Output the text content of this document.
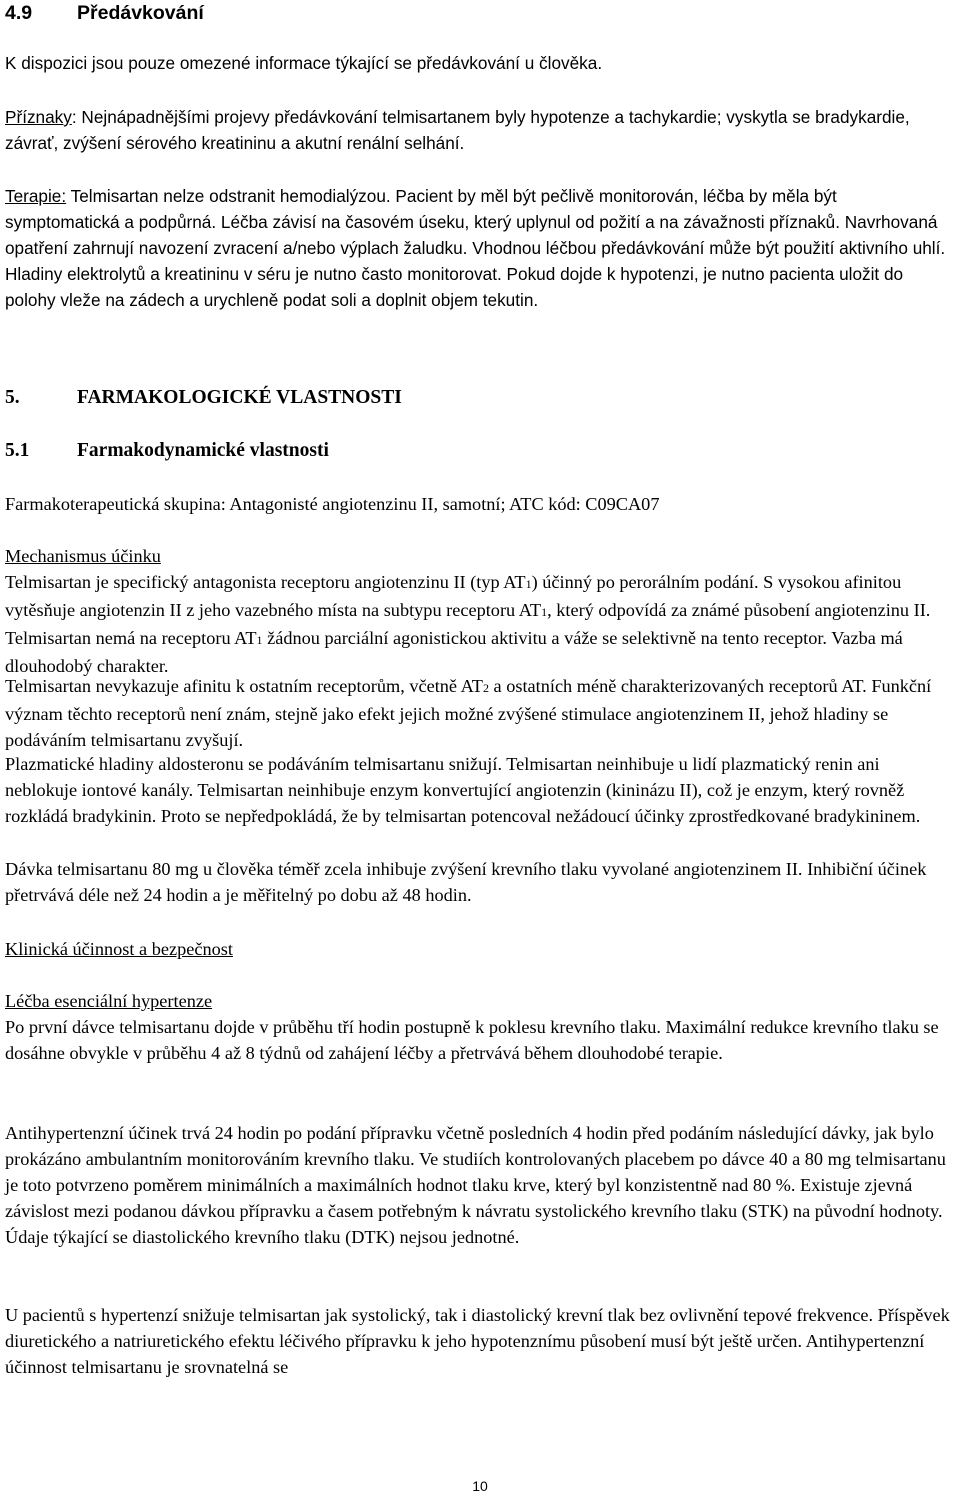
4.9 Předávkování

K dispozici jsou pouze omezené informace týkající se předávkování u člověka.

Příznaky: Nejnápadnějšími projevy předávkování telmisartanem byly hypotenze a tachykardie; vyskytla se bradykardie, závrať, zvýšení sérového kreatininu a akutní renální selhání.

Terapie: Telmisartan nelze odstranit hemodialýzou. Pacient by měl být pečlivě monitorován, léčba by měla být symptomatická a podpůrná. Léčba závisí na časovém úseku, který uplynul od požití a na závažnosti příznaků. Navrhovaná opatření zahrnují navození zvracení a/nebo výplach žaludku. Vhodnou léčbou předávkování může být použití aktivního uhlí. Hladiny elektrolytů a kreatininu v séru je nutno často monitorovat. Pokud dojde k hypotenzi, je nutno pacienta uložit do polohy vleže na zádech a urychleně podat soli a doplnit objem tekutin.

5.	FARMAKOLOGICKÉ VLASTNOSTI

5.1 Farmakodynamické vlastnosti

Farmakoterapeutická skupina: Antagonisté angiotenzinu II, samotní; ATC kód: C09CA07

Mechanismus účinku

Telmisartan je specifický antagonista receptoru angiotenzinu II (typ AT1) účinný po perorálním podání. S vysokou afinitou vytěsňuje angiotenzin II z jeho vazebného místa na subtypu receptoru AT1, který odpovídá za známé působení angiotenzinu II. Telmisartan nemá na receptoru AT1 žádnou parciální agonistickou aktivitu a váže se selektivně na tento receptor. Vazba má dlouhodobý charakter.

Telmisartan nevykazuje afinitu k ostatním receptorům, včetně AT2 a ostatních méně charakterizovaných receptorů AT. Funkční význam těchto receptorů není znám, stejně jako efekt jejich možné zvýšené stimulace angiotenzinem II, jehož hladiny se podáváním telmisartanu zvyšují.

Plazmatické hladiny aldosteronu se podáváním telmisartanu snižují. Telmisartan neinhibuje u lidí plazmatický renin ani neblokuje iontové kanály. Telmisartan neinhibuje enzym konvertující angiotenzin (kininázu II), což je enzym, který rovněž rozkládá bradykinin. Proto se nepředpokládá, že by telmisartan potencoval nežádoucí účinky zprostředkované bradykininem.

Dávka telmisartanu 80 mg u člověka téměř zcela inhibuje zvýšení krevního tlaku vyvolané angiotenzinem II. Inhibiční účinek přetrvává déle než 24 hodin a je měřitelný po dobu až 48 hodin.

Klinická účinnost a bezpečnost

Léčba esenciální hypertenze

Po první dávce telmisartanu dojde v průběhu tří hodin postupně k poklesu krevního tlaku. Maximální redukce krevního tlaku se dosáhne obvykle v průběhu 4 až 8 týdnů od zahájení léčby a přetrvává během dlouhodobé terapie.

Antihypertenzní účinek trvá 24 hodin po podání přípravku včetně posledních 4 hodin před podáním následující dávky, jak bylo prokázáno ambulantním monitorováním krevního tlaku. Ve studiích kontrolovaných placebem po dávce 40 a 80 mg telmisartanu je toto potvrzeno poměrem minimálních a maximálních hodnot tlaku krve, který byl konzistentně nad 80 %. Existuje zjevná závislost mezi podanou dávkou přípravku a časem potřebným k návratu systolického krevního tlaku (STK) na původní hodnoty. Údaje týkající se diastolického krevního tlaku (DTK) nejsou jednotné.

U pacientů s hypertenzí snižuje telmisartan jak systolický, tak i diastolický krevní tlak bez ovlivnění tepové frekvence. Příspěvek diuretického a natriuretického efektu léčivého přípravku k jeho hypotenznímu působení musí být ještě určen. Antihypertenzní účinnost telmisartanu je srovnatelná se

10
